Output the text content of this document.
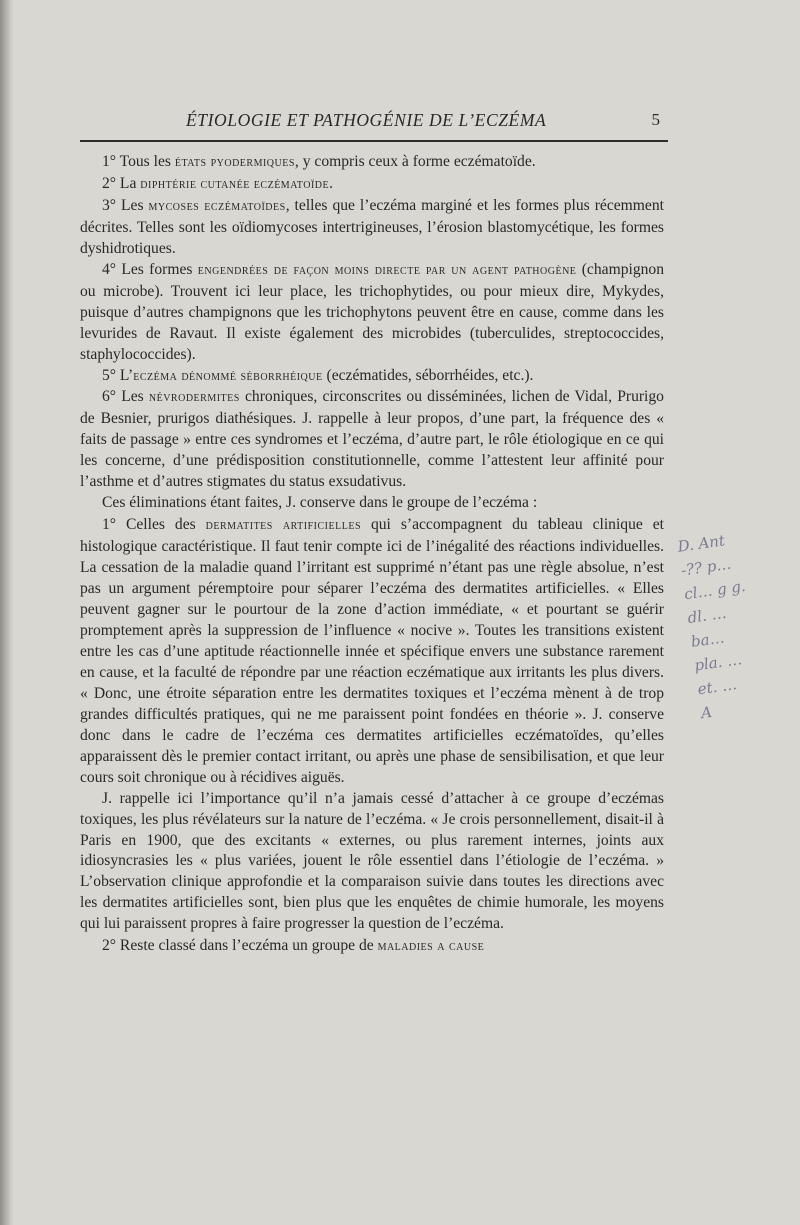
ÉTIOLOGIE ET PATHOGÉNIE DE L’ECZÉMA	5

1° Tous les états pyodermiques, y compris ceux à forme eczématoïde.

2° La diphtérie cutanée eczématoïde.

3° Les mycoses eczématoïdes, telles que l’eczéma marginé et les formes plus récemment décrites. Telles sont les oïdiomycoses intertrigineuses, l’érosion blastomycétique, les formes dyshidrotiques.

4° Les formes engendrées de façon moins directe par un agent pathogène (champignon ou microbe). Trouvent ici leur place, les trichophytides, ou pour mieux dire, Mykydes, puisque d’autres champignons que les trichophytons peuvent être en cause, comme dans les levurides de Ravaut. Il existe également des microbides (tuberculides, streptococcides, staphylococcides).

5° L’eczéma dénommé séborrhéique (eczématides, séborrhéides, etc.).

6° Les névrodermites chroniques, circonscrites ou disséminées, lichen de Vidal, Prurigo de Besnier, prurigos diathésiques. J. rappelle à leur propos, d’une part, la fréquence des « faits de passage » entre ces syndromes et l’eczéma, d’autre part, le rôle étiologique en ce qui les concerne, d’une prédisposition constitutionnelle, comme l’attestent leur affinité pour l’asthme et d’autres stigmates du status exsudativus.

Ces éliminations étant faites, J. conserve dans le groupe de l’eczéma :

1° Celles des dermatites artificielles qui s’accompagnent du tableau clinique et histologique caractéristique. Il faut tenir compte ici de l’inégalité des réactions individuelles. La cessation de la maladie quand l’irritant est supprimé n’étant pas une règle absolue, n’est pas un argument péremptoire pour séparer l’eczéma des dermatites artificielles. « Elles peuvent gagner sur le pourtour de la zone d’action immédiate, « et pourtant se guérir promptement après la suppression de l’influence « nocive ». Toutes les transitions existent entre les cas d’une aptitude réactionnelle innée et spécifique envers une substance rarement en cause, et la faculté de répondre par une réaction eczématique aux irritants les plus divers. « Donc, une étroite séparation entre les dermatites toxiques et l’eczéma mènent à de trop grandes difficultés pratiques, qui ne me paraissent point fondées en théorie ». J. conserve donc dans le cadre de l’eczéma ces dermatites artificielles eczématoïdes, qu’elles apparaissent dès le premier contact irritant, ou après une phase de sensibilisation, et que leur cours soit chronique ou à récidives aiguës.

J. rappelle ici l’importance qu’il n’a jamais cessé d’attacher à ce groupe d’eczémas toxiques, les plus révélateurs sur la nature de l’eczéma. « Je crois personnellement, disait-il à Paris en 1900, que des excitants « externes, ou plus rarement internes, joints aux idiosyncrasies les « plus variées, jouent le rôle essentiel dans l’étiologie de l’eczéma. » L’observation clinique approfondie et la comparaison suivie dans toutes les directions avec les dermatites artificielles sont, bien plus que les enquêtes de chimie humorale, les moyens qui lui paraissent propres à faire progresser la question de l’eczéma.

2° Reste classé dans l’eczéma un groupe de maladies a cause

D. Ant
-?? p…
cl… g g.
dl. …
ba…
pla. …
et. …
A
